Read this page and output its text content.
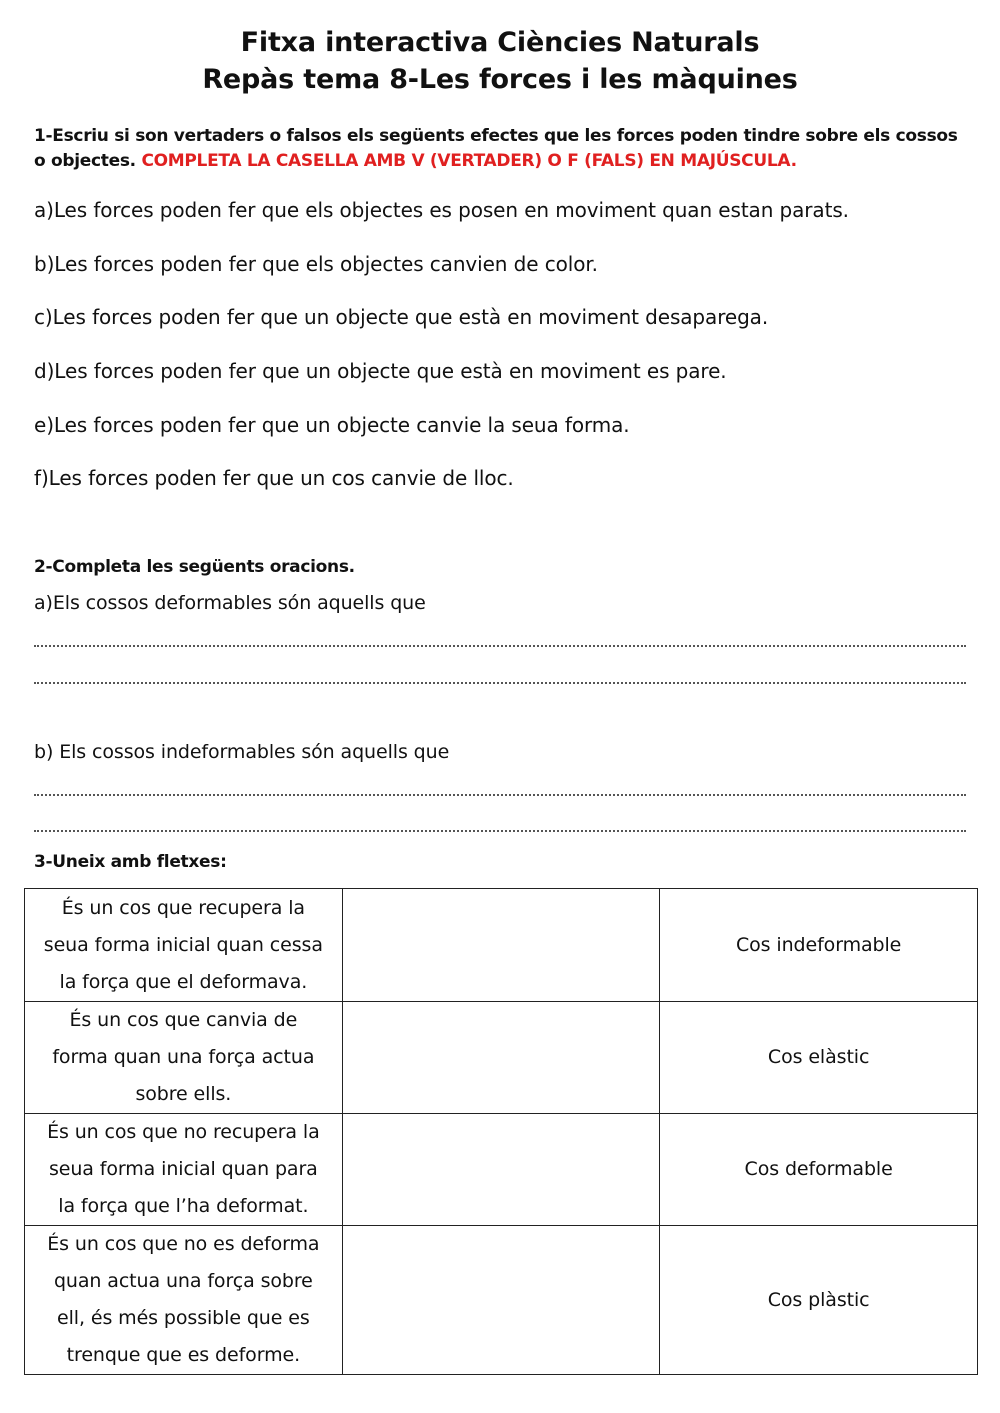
Fitxa interactiva Ciències Naturals
Repàs tema 8-Les forces i les màquines
1-Escriu si son vertaders o falsos els següents efectes que les forces poden tindre sobre els cossos o objectes. COMPLETA LA CASELLA AMB V (VERTADER) O F (FALS) EN MAJÚSCULA.
a)Les forces poden fer que els objectes es posen en moviment quan estan parats.
b)Les forces poden fer que els objectes canvien de color.
c)Les forces poden fer que un objecte que està en moviment desaparega.
d)Les forces poden fer que un objecte que està en moviment es pare.
e)Les forces poden fer que un objecte canvie la seua forma.
f)Les forces poden fer que un cos canvie de lloc.
2-Completa les següents oracions.
a)Els cossos deformables són aquells que
b) Els cossos indeformables són aquells que
3-Uneix amb fletxes:
És un cos que recupera la
seua forma inicial quan cessa
la força que el deformava.		Cos indeformable

És un cos que canvia de
forma quan una força actua
sobre ells.		Cos elàstic

És un cos que no recupera la
seua forma inicial quan para
la força que l’ha deformat.		Cos deformable

És un cos que no es deforma
quan actua una força sobre
ell, és més possible que es
trenque que es deforme.		Cos plàstic
